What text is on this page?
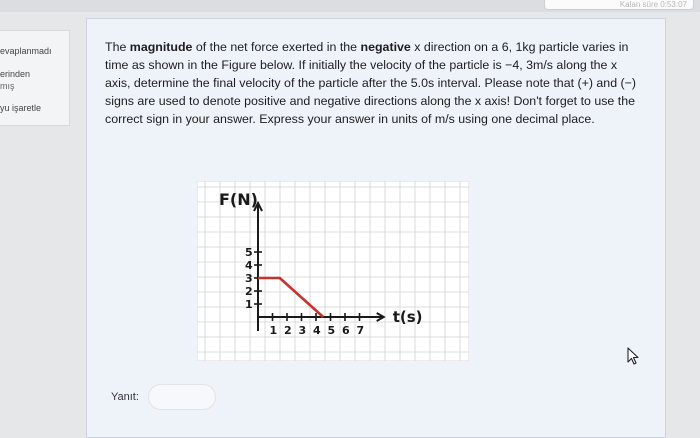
Kalan süre 0:53:07
evaplanmadı
erinden
mış
yu işaretle
The magnitude of the net force exerted in the negative x direction on a 6, 1kg particle varies in time as shown in the Figure below. If initially the velocity of the particle is −4, 3m/s along the x axis, determine the final velocity of the particle after the 5.0s interval. Please note that (+) and (−) signs are used to denote positive and negative directions along the x axis! Don't forget to use the correct sign in your answer. Express your answer in units of m/s using one decimal place.
1
2
3
4
5
1 2 3 4 5 6 7
F(N)
t(s)
Yanıt:
